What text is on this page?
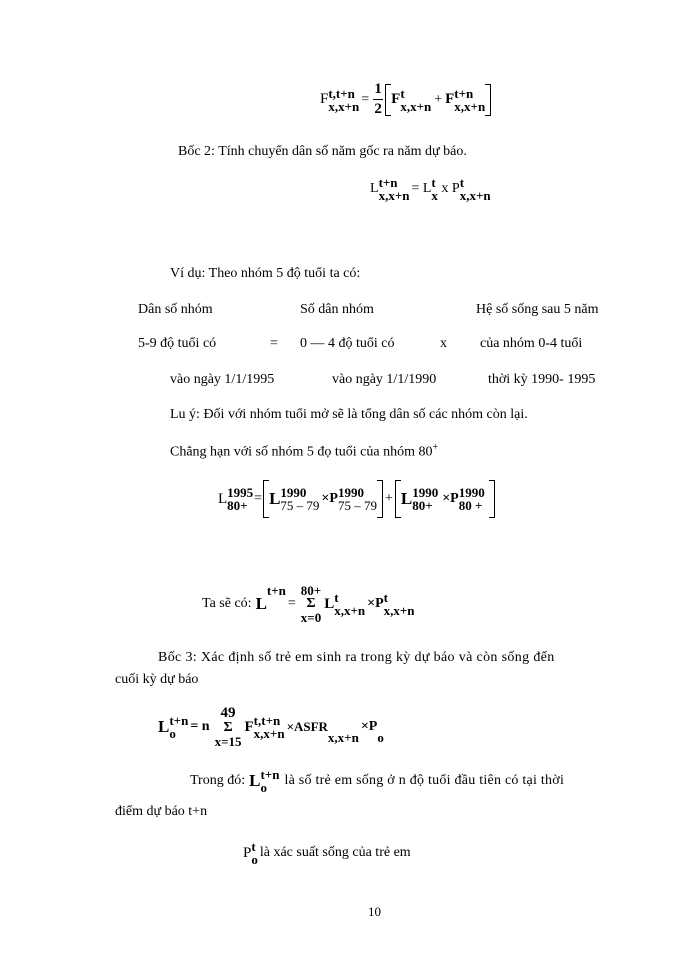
F t,t+n
$x,x+n = \frac{1}{2}$ F t
x,x+n + F t+n
x,x+n

Bốc 2: Tính chuyển dân số năm gốc ra năm dự báo.

L t+n
x,x+n = L t
x x P t
x,x+n

Ví dụ: Theo nhóm 5 độ tuổi ta có:

Dân số nhóm	Số dân nhóm	Hệ số sống sau 5 năm

5-9 độ tuổi có	= 0 — 4 độ tuổi có	x của nhóm 0-4 tuổi

vào ngày 1/1/1995	vào ngày 1/1/1990	thời kỳ 1990- 1995

Lu ý: Đối với nhóm tuổi mở sẽ là tổng dân số các nhóm còn lại.

Chẳng hạn với số nhóm 5 đọ tuổi của nhóm 80+

L 1995
80+ = L 1990
75 – 79 ×P 1990
75 – 79 + L 1990
80+ ×P 1990
80 +
Ta sẽ có: L
t+n
=
80+
Σ
x=0
L t
x,x+n ×P t
x,x+n

Bốc 3: Xác định số trẻ em sinh ra trong kỳ dự báo và còn sống đến

cuối kỳ dự báo

L t+n
o	= n
49
Σ
x=15
F t,t+n
x,x+n ×ASFR
x,x+n
×P
o
Trong đó: L t+n
o	là số trẻ em sống ở n độ tuổi đầu tiên có tại thời

điểm dự báo t+n

P t
o là xác suất sống của trẻ em

10
